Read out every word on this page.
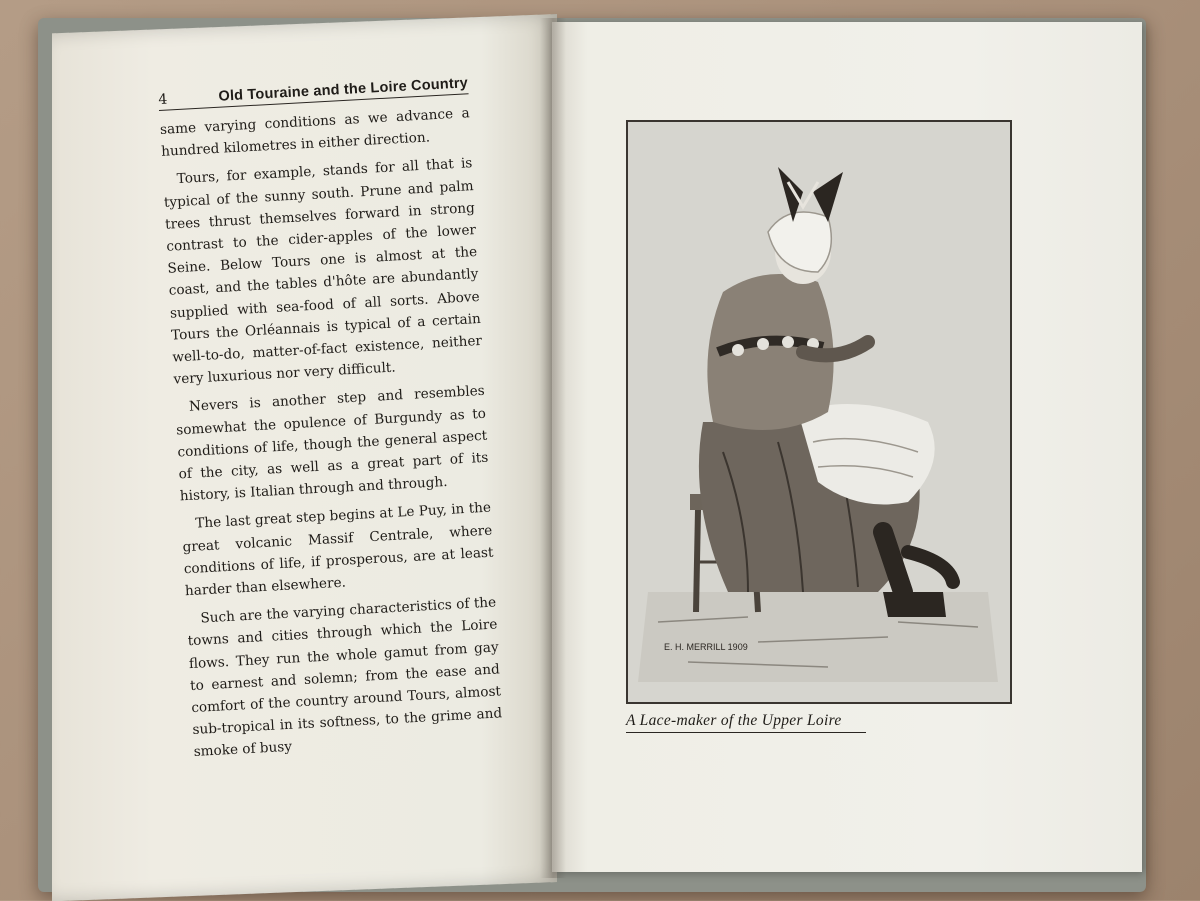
4	Old Touraine and the Loire Country

same varying conditions as we advance a hundred kilometres in either direction.

Tours, for example, stands for all that is typical of the sunny south. Prune and palm trees thrust themselves forward in strong contrast to the cider-apples of the lower Seine. Below Tours one is almost at the coast, and the tables d'hôte are abundantly supplied with sea-food of all sorts. Above Tours the Orléannais is typical of a certain well-to-do, matter-of-fact existence, neither very luxurious nor very difficult.

Nevers is another step and resembles somewhat the opulence of Burgundy as to conditions of life, though the general aspect of the city, as well as a great part of its history, is Italian through and through.

The last great step begins at Le Puy, in the great volcanic Massif Centrale, where conditions of life, if prosperous, are at least harder than elsewhere.

Such are the varying characteristics of the towns and cities through which the Loire flows. They run the whole gamut from gay to earnest and solemn; from the ease and comfort of the country around Tours, almost sub-tropical in its softness, to the grime and smoke of busy

E. H. MERRILL 1909
A Lace-maker of the Upper Loire
